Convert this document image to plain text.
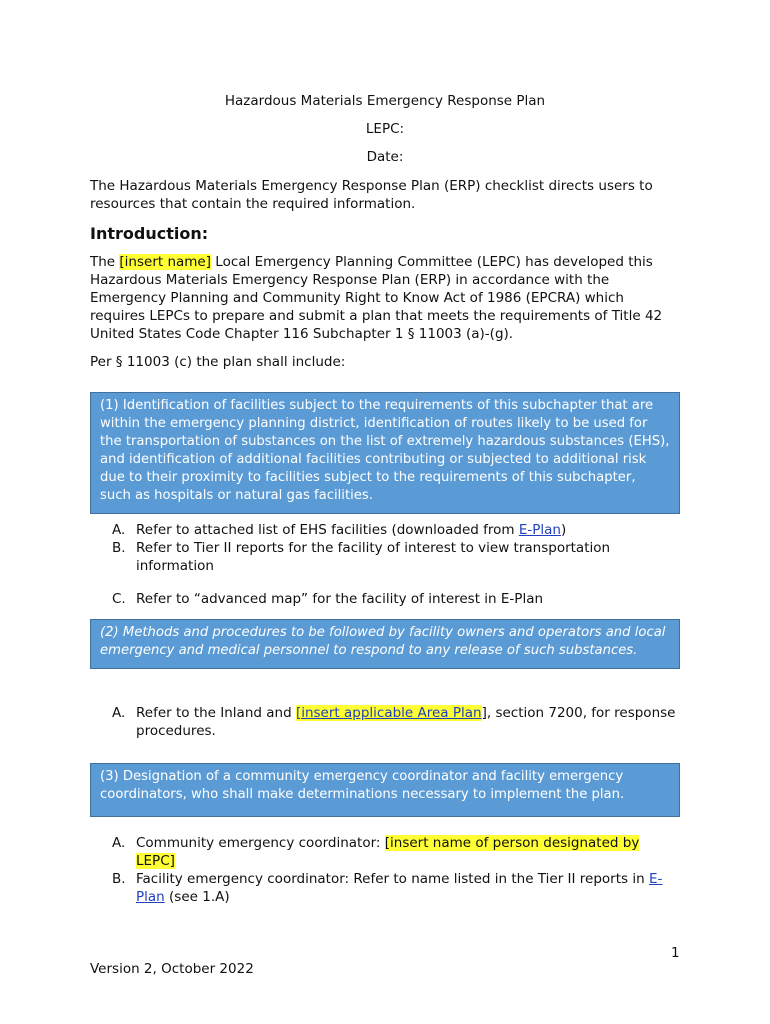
Hazardous Materials Emergency Response Plan
LEPC:
Date:

The Hazardous Materials Emergency Response Plan (ERP) checklist directs users to resources that contain the required information.

Introduction:

The [insert name] Local Emergency Planning Committee (LEPC) has developed this Hazardous Materials Emergency Response Plan (ERP) in accordance with the Emergency Planning and Community Right to Know Act of 1986 (EPCRA) which requires LEPCs to prepare and submit a plan that meets the requirements of Title 42 United States Code Chapter 116 Subchapter 1 § 11003 (a)-(g).

Per § 11003 (c) the plan shall include:

(1) Identification of facilities subject to the requirements of this subchapter that are within the emergency planning district, identification of routes likely to be used for the transportation of substances on the list of extremely hazardous substances (EHS), and identification of additional facilities contributing or subjected to additional risk due to their proximity to facilities subject to the requirements of this subchapter, such as hospitals or natural gas facilities.
A. Refer to attached list of EHS facilities (downloaded from E-Plan)
B. Refer to Tier II reports for the facility of interest to view transportation information
C. Refer to “advanced map” for the facility of interest in E-Plan
(2) Methods and procedures to be followed by facility owners and operators and local emergency and medical personnel to respond to any release of such substances.
A. Refer to the Inland and [insert applicable Area Plan], section 7200, for response procedures.
(3) Designation of a community emergency coordinator and facility emergency coordinators, who shall make determinations necessary to implement the plan.
A. Community emergency coordinator: [insert name of person designated by LEPC]
B. Facility emergency coordinator: Refer to name listed in the Tier II reports in E-Plan (see 1.A)
1
Version 2, October 2022
